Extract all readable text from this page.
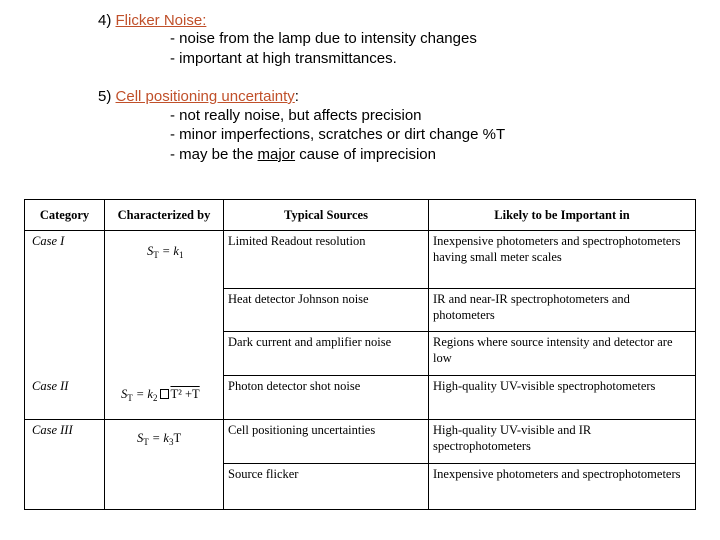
4) Flicker Noise:
- noise from the lamp due to intensity changes
- important at high transmittances.
5) Cell positioning uncertainty:
- not really noise, but affects precision
- minor imperfections, scratches or dirt change %T
- may be the major cause of imprecision
Category	Characterized by	Typical Sources	Likely to be Important in
Case I	$S_T = k_1$	Limited Readout resolution	Inexpensive photometers and spectrophotometers having small meter scales
		Heat detector Johnson noise	IR and near-IR spectrophotometers and photometers
		Dark current and amplifier noise	Regions where source intensity and detector are low
Case II	$S_T = k_2$ T² +T	Photon detector shot noise	High-quality UV-visible spectrophotometers
Case III	$S_T = k_3T$	Cell positioning uncertainties	High-quality UV-visible and IR spectrophotometers
		Source flicker	Inexpensive photometers and spectrophotometers
